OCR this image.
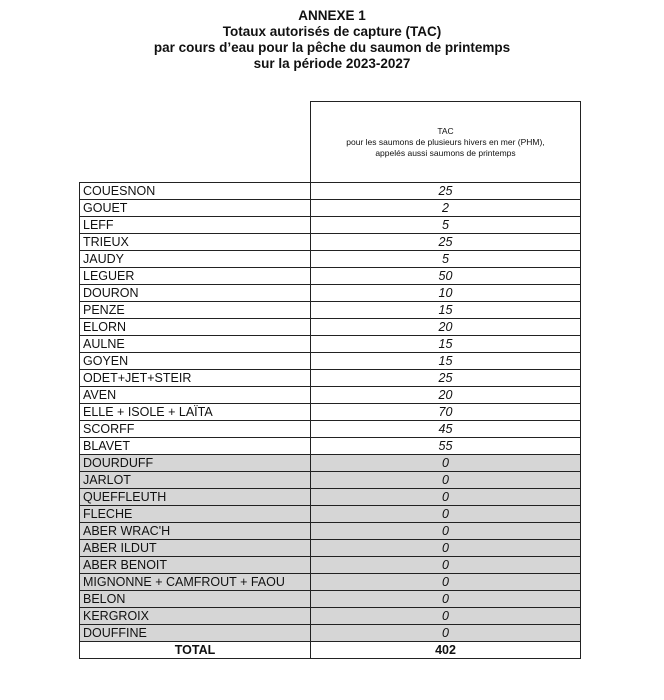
ANNEXE 1
Totaux autorisés de capture (TAC)
par cours d’eau pour la pêche du saumon de printemps
sur la période 2023-2027

	TAC
pour les saumons de plusieurs hivers en mer (PHM),
appelés aussi saumons de printemps

COUESNON	25
GOUET	2
LEFF	5
TRIEUX	25
JAUDY	5
LEGUER	50
DOURON	10
PENZE	15
ELORN	20
AULNE	15
GOYEN	15
ODET+JET+STEIR	25
AVEN	20
ELLE + ISOLE + LAÏTA	70
SCORFF	45
BLAVET	55
DOURDUFF	0
JARLOT	0
QUEFFLEUTH	0
FLECHE	0
ABER WRAC'H	0
ABER ILDUT	0
ABER BENOIT	0
MIGNONNE + CAMFROUT + FAOU	0
BELON	0
KERGROIX	0
DOUFFINE	0
TOTAL	402
